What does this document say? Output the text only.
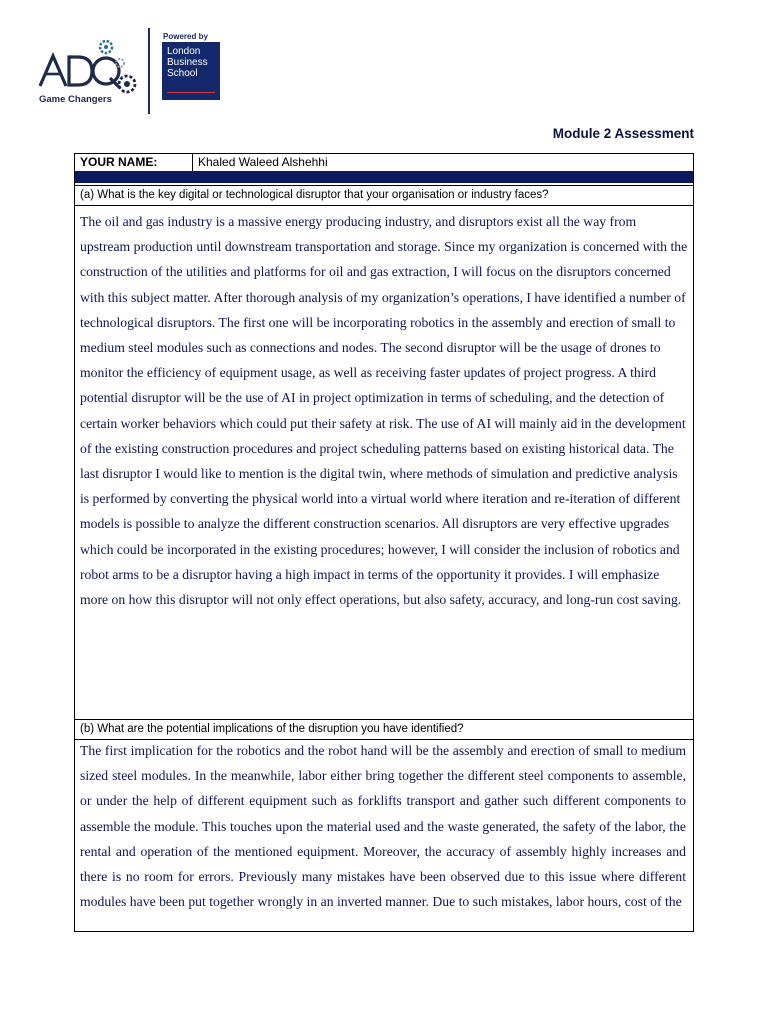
Game Changers
Powered by
London
Business
School
Module 2 Assessment
YOUR NAME:	Khaled Waleed Alshehhi
(a) What is the key digital or technological disruptor that your organisation or industry faces?

The oil and gas industry is a massive energy producing industry, and disruptors exist all the way from upstream production until downstream transportation and storage. Since my organization is concerned with the construction of the utilities and platforms for oil and gas extraction, I will focus on the disruptors concerned with this subject matter. After thorough analysis of my organization’s operations, I have identified a number of technological disruptors. The first one will be incorporating robotics in the assembly and erection of small to medium steel modules such as connections and nodes. The second disruptor will be the usage of drones to monitor the efficiency of equipment usage, as well as receiving faster updates of project progress. A third potential disruptor will be the use of AI in project optimization in terms of scheduling, and the detection of certain worker behaviors which could put their safety at risk. The use of AI will mainly aid in the development of the existing construction procedures and project scheduling patterns based on existing historical data. The last disruptor I would like to mention is the digital twin, where methods of simulation and predictive analysis is performed by converting the physical world into a virtual world where iteration and re-iteration of different models is possible to analyze the different construction scenarios. All disruptors are very effective upgrades which could be incorporated in the existing procedures; however, I will consider the inclusion of robotics and robot arms to be a disruptor having a high impact in terms of the opportunity it provides. I will emphasize more on how this disruptor will not only effect operations, but also safety, accuracy, and long-run cost saving.

(b) What are the potential implications of the disruption you have identified?

The first implication for the robotics and the robot hand will be the assembly and erection of small to medium sized steel modules. In the meanwhile, labor either bring together the different steel components to assemble, or under the help of different equipment such as forklifts transport and gather such different components to assemble the module. This touches upon the material used and the waste generated, the safety of the labor, the rental and operation of the mentioned equipment. Moreover, the accuracy of assembly highly increases and there is no room for errors. Previously many mistakes have been observed due to this issue where different modules have been put together wrongly in an inverted manner. Due to such mistakes, labor hours, cost of the
